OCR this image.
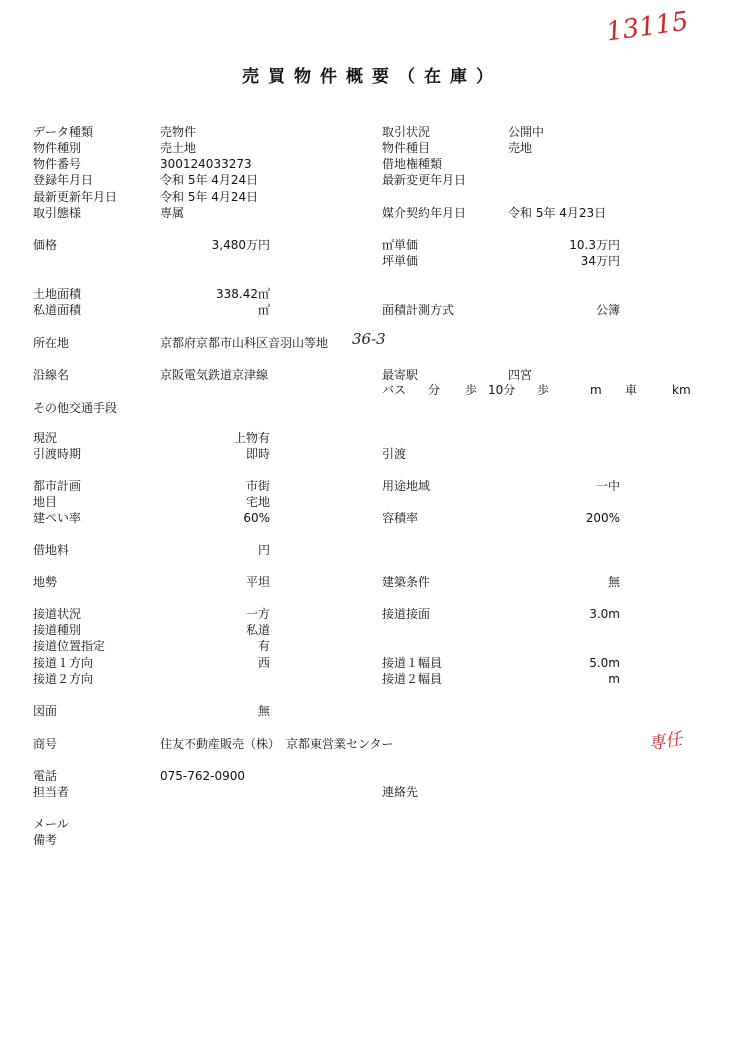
13115
売買物件概要（在庫）
データ種類	売物件	取引状況	公開中
物件種別	売土地	物件種目	売地
物件番号	300124033273	借地権種類
登録年月日	令和 5年 4月24日	最新変更年月日
最新更新年月日	令和 5年 4月24日
取引態様	専属	媒介契約年月日	令和 5年 4月23日
価格	3,480万円	㎡単価	10.3万円
坪単価	34万円
土地面積	338.42㎡
私道面積	㎡	面積計測方式	公簿
所在地	京都府京都市山科区音羽山等地 36-3
沿線名	京阪電気鉄道京津線	最寄駅	四宮
バス 分 歩 10分 歩	m 車	km
その他交通手段
現況	上物有
引渡時期	即時	引渡
都市計画	市街	用途地域	一中
地目	宅地
建ぺい率	60%	容積率	200%
借地料	円
地勢	平坦	建築条件	無
接道状況	一方	接道接面	3.0m
接道種別	私道
接道位置指定	有
接道１方向	西	接道１幅員	5.0m
接道２方向	接道２幅員	m
図面	無
商号	住友不動産販売（株）　京都東営業センター	専任
電話	075-762-0900
担当者	連絡先
メール
備考
